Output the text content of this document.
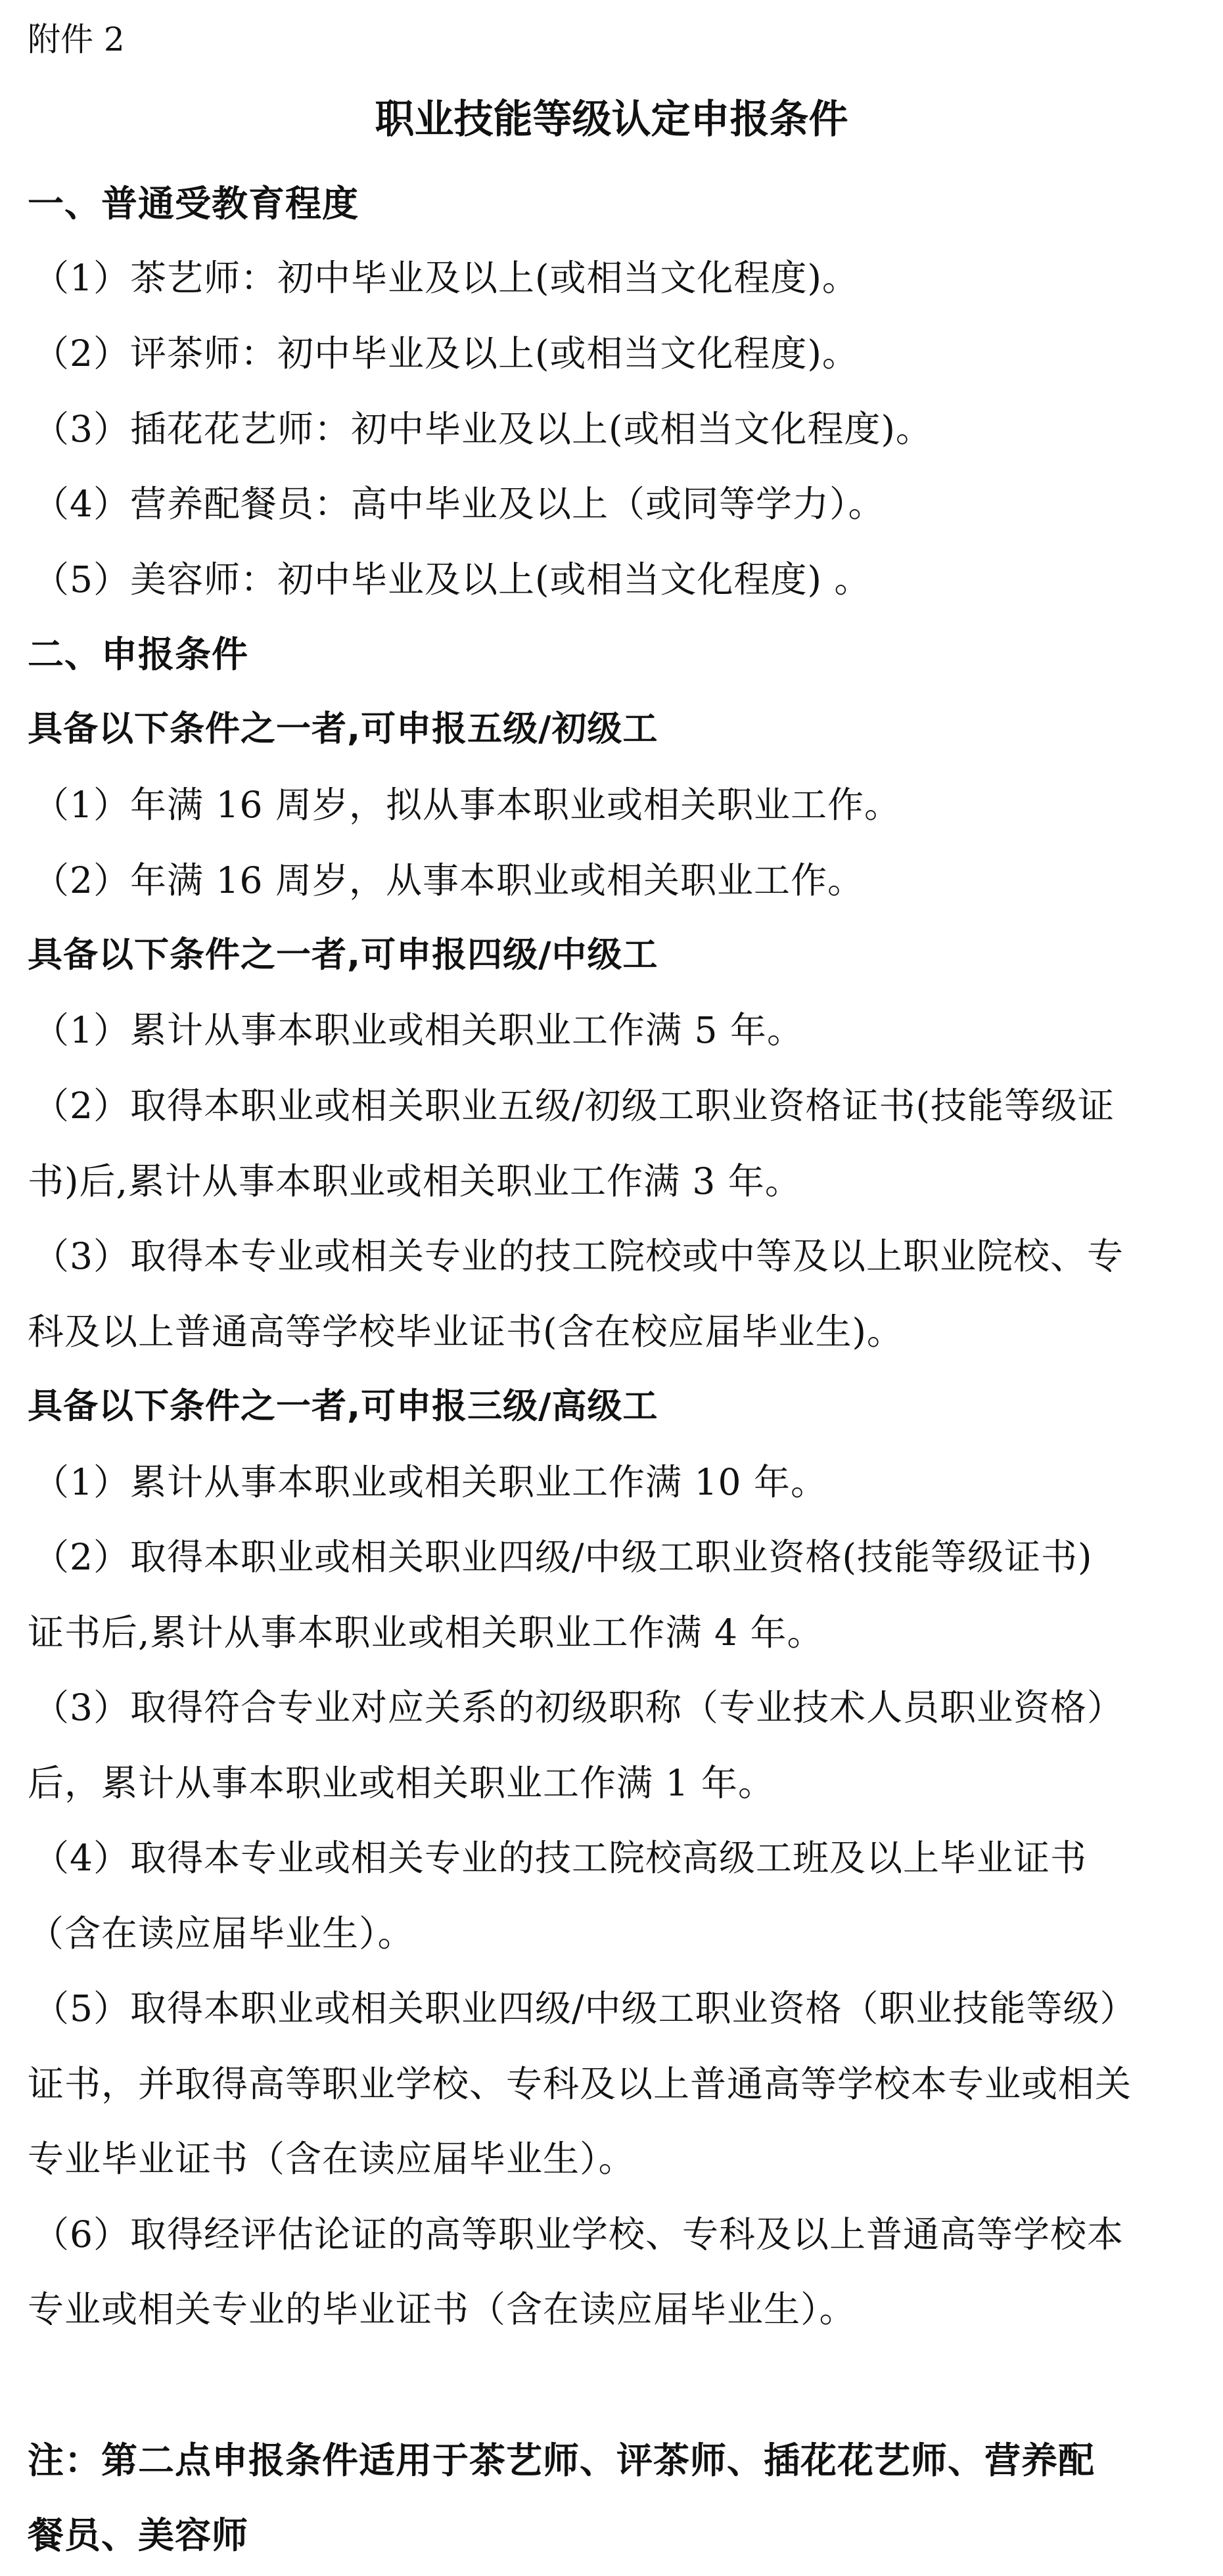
附件 2
职业技能等级认定申报条件
一、普通受教育程度
（1）茶艺师：初中毕业及以上(或相当文化程度)。
（2）评茶师：初中毕业及以上(或相当文化程度)。
（3）插花花艺师：初中毕业及以上(或相当文化程度)。
（4）营养配餐员：高中毕业及以上（或同等学力）。
（5）美容师：初中毕业及以上(或相当文化程度) 。
二、申报条件
具备以下条件之一者,可申报五级/初级工
（1）年满 16 周岁，拟从事本职业或相关职业工作。
（2）年满 16 周岁，从事本职业或相关职业工作。
具备以下条件之一者,可申报四级/中级工
（1）累计从事本职业或相关职业工作满 5 年。
（2）取得本职业或相关职业五级/初级工职业资格证书(技能等级证
书)后,累计从事本职业或相关职业工作满 3 年。
（3）取得本专业或相关专业的技工院校或中等及以上职业院校、专
科及以上普通高等学校毕业证书(含在校应届毕业生)。
具备以下条件之一者,可申报三级/高级工
（1）累计从事本职业或相关职业工作满 10 年。
（2）取得本职业或相关职业四级/中级工职业资格(技能等级证书)
证书后,累计从事本职业或相关职业工作满 4 年。
（3）取得符合专业对应关系的初级职称（专业技术人员职业资格）
后，累计从事本职业或相关职业工作满 1 年。
（4）取得本专业或相关专业的技工院校高级工班及以上毕业证书
（含在读应届毕业生）。
（5）取得本职业或相关职业四级/中级工职业资格（职业技能等级）
证书，并取得高等职业学校、专科及以上普通高等学校本专业或相关
专业毕业证书（含在读应届毕业生）。
（6）取得经评估论证的高等职业学校、专科及以上普通高等学校本
专业或相关专业的毕业证书（含在读应届毕业生）。
注：第二点申报条件适用于茶艺师、评茶师、插花花艺师、营养配
餐员、美容师
